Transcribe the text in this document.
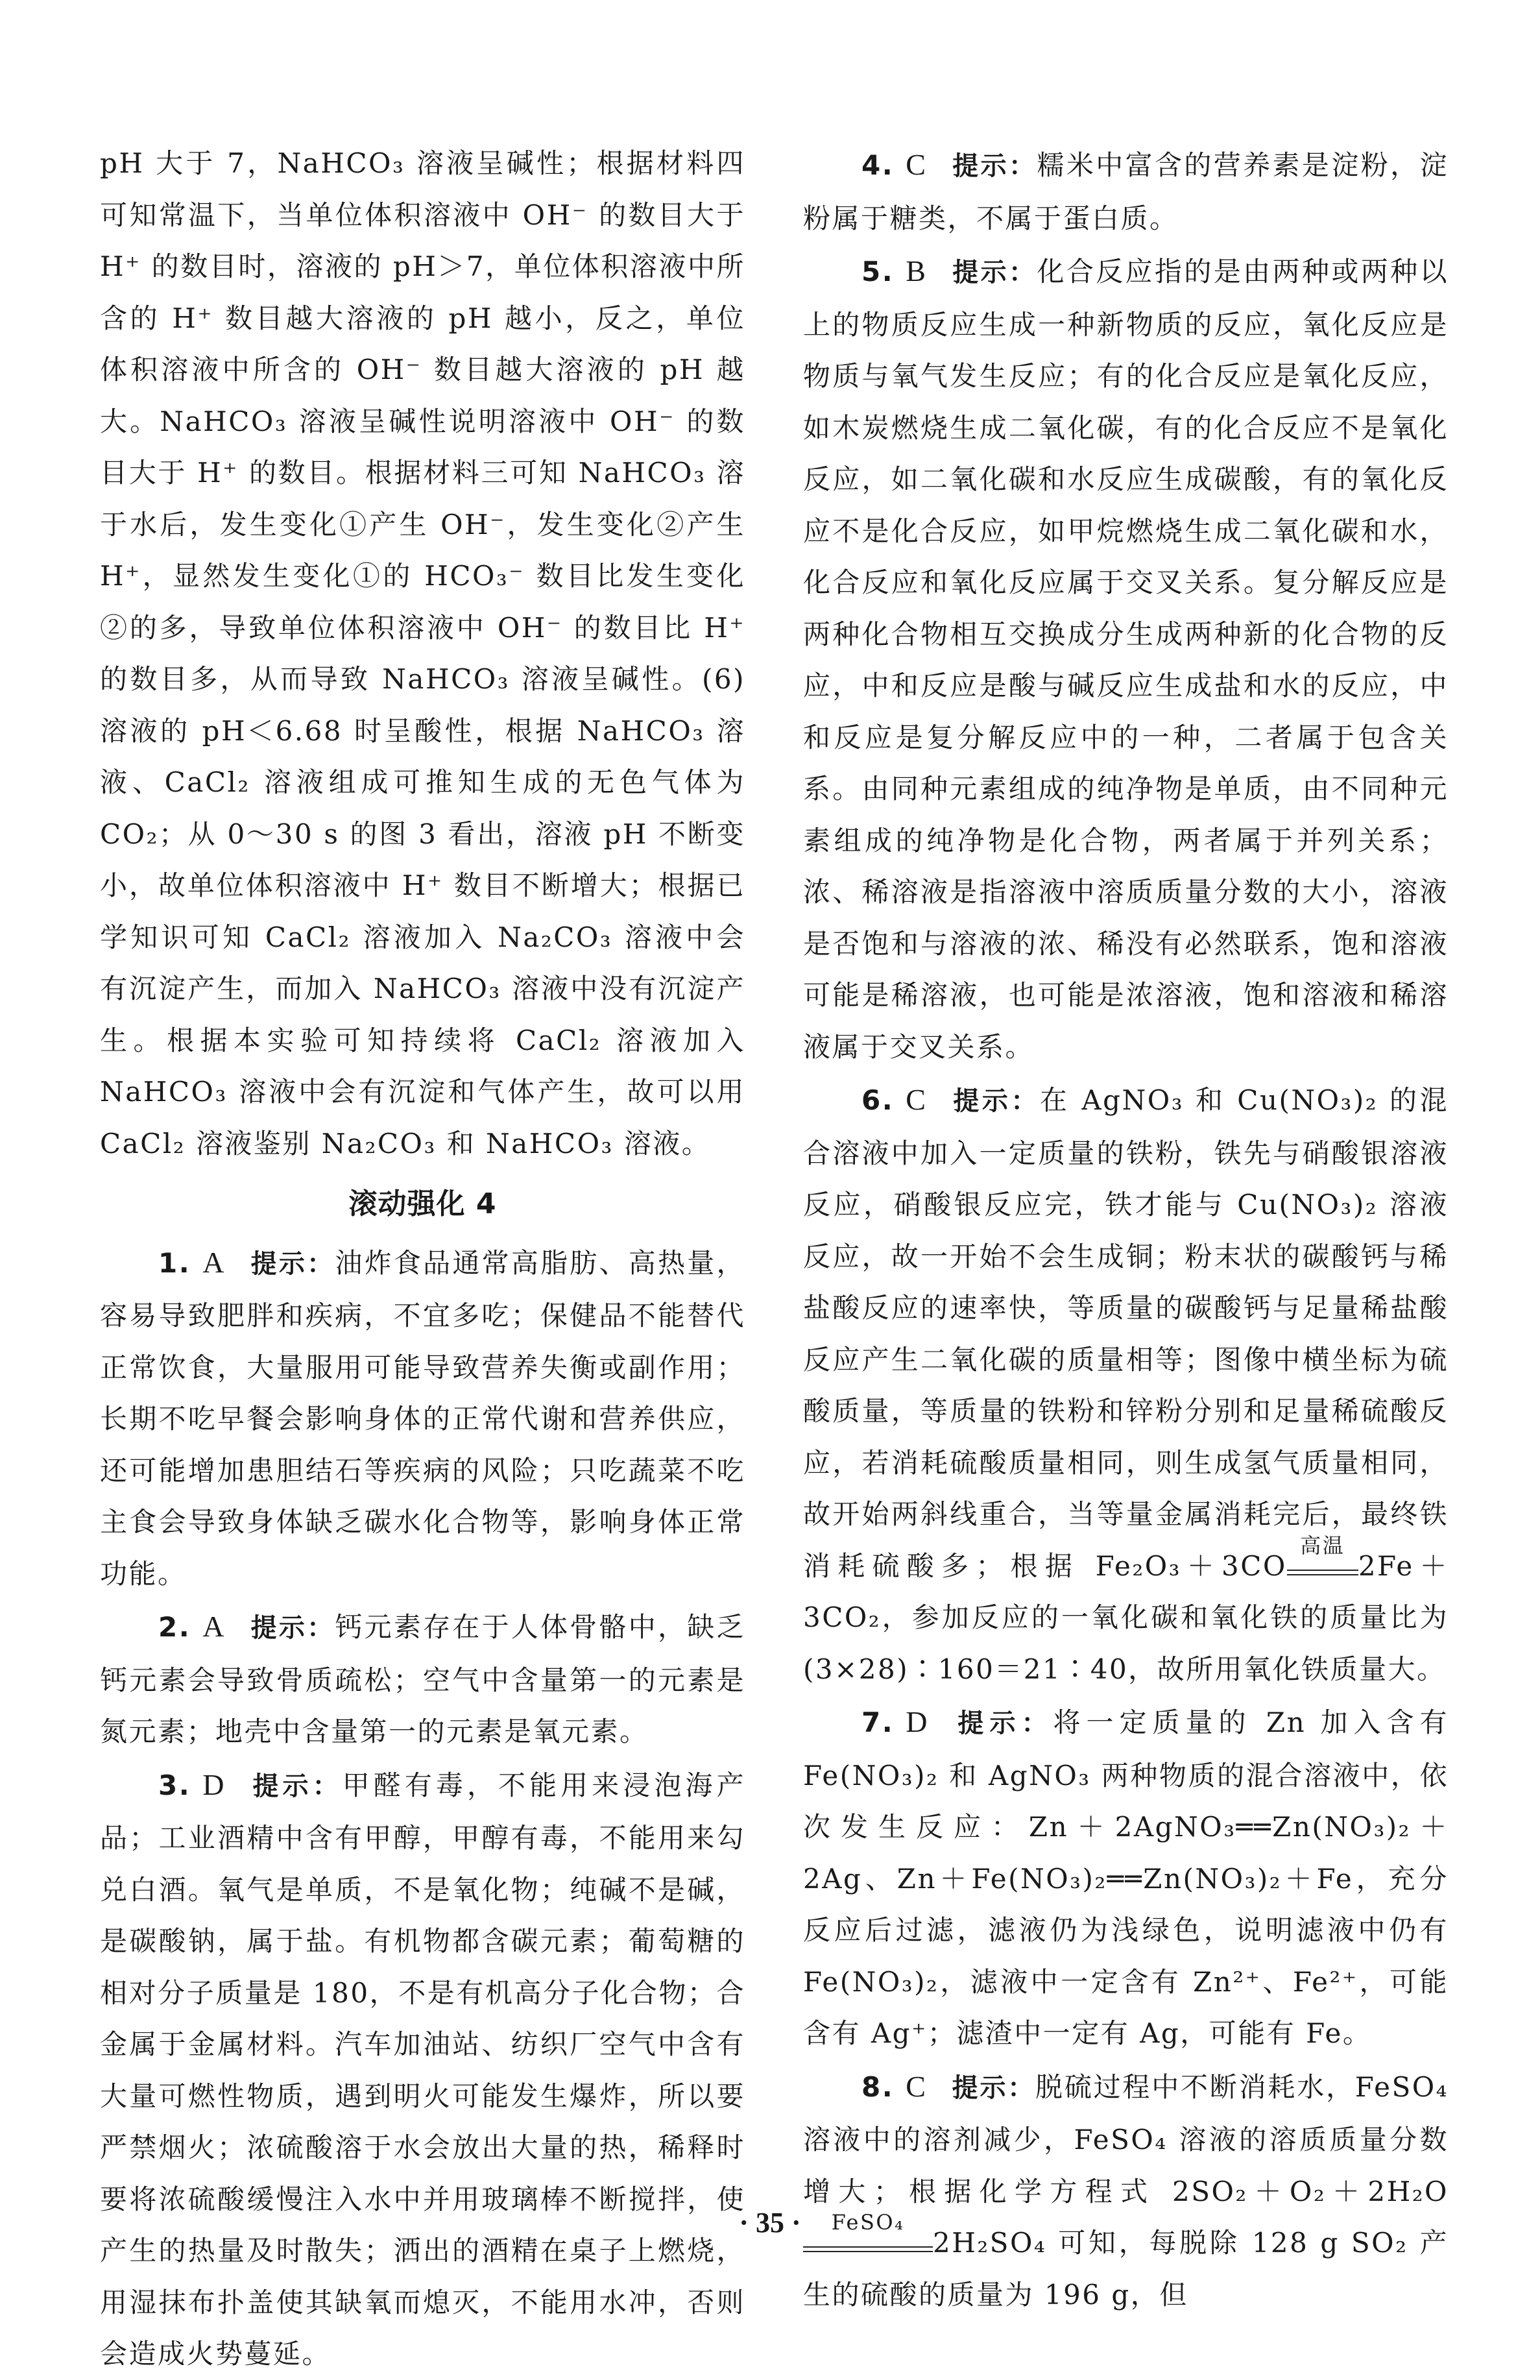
pH 大于 7，NaHCO₃ 溶液呈碱性；根据材料四可知常温下，当单位体积溶液中 OH⁻ 的数目大于 H⁺ 的数目时，溶液的 pH＞7，单位体积溶液中所含的 H⁺ 数目越大溶液的 pH 越小，反之，单位体积溶液中所含的 OH⁻ 数目越大溶液的 pH 越大。NaHCO₃ 溶液呈碱性说明溶液中 OH⁻ 的数目大于 H⁺ 的数目。根据材料三可知 NaHCO₃ 溶于水后，发生变化①产生 OH⁻，发生变化②产生 H⁺，显然发生变化①的 HCO₃⁻ 数目比发生变化②的多，导致单位体积溶液中 OH⁻ 的数目比 H⁺ 的数目多，从而导致 NaHCO₃ 溶液呈碱性。(6) 溶液的 pH＜6.68 时呈酸性，根据 NaHCO₃ 溶液、CaCl₂ 溶液组成可推知生成的无色气体为 CO₂；从 0～30 s 的图 3 看出，溶液 pH 不断变小，故单位体积溶液中 H⁺ 数目不断增大；根据已学知识可知 CaCl₂ 溶液加入 Na₂CO₃ 溶液中会有沉淀产生，而加入 NaHCO₃ 溶液中没有沉淀产生。根据本实验可知持续将 CaCl₂ 溶液加入 NaHCO₃ 溶液中会有沉淀和气体产生，故可以用 CaCl₂ 溶液鉴别 Na₂CO₃ 和 NaHCO₃ 溶液。

滚动强化 4

1. A 提示：油炸食品通常高脂肪、高热量，容易导致肥胖和疾病，不宜多吃；保健品不能替代正常饮食，大量服用可能导致营养失衡或副作用；长期不吃早餐会影响身体的正常代谢和营养供应，还可能增加患胆结石等疾病的风险；只吃蔬菜不吃主食会导致身体缺乏碳水化合物等，影响身体正常功能。

2. A 提示：钙元素存在于人体骨骼中，缺乏钙元素会导致骨质疏松；空气中含量第一的元素是氮元素；地壳中含量第一的元素是氧元素。

3. D 提示：甲醛有毒，不能用来浸泡海产品；工业酒精中含有甲醇，甲醇有毒，不能用来勾兑白酒。氧气是单质，不是氧化物；纯碱不是碱，是碳酸钠，属于盐。有机物都含碳元素；葡萄糖的相对分子质量是 180，不是有机高分子化合物；合金属于金属材料。汽车加油站、纺织厂空气中含有大量可燃性物质，遇到明火可能发生爆炸，所以要严禁烟火；浓硫酸溶于水会放出大量的热，稀释时要将浓硫酸缓慢注入水中并用玻璃棒不断搅拌，使产生的热量及时散失；洒出的酒精在桌子上燃烧，用湿抹布扑盖使其缺氧而熄灭，不能用水冲，否则会造成火势蔓延。

4. C 提示：糯米中富含的营养素是淀粉，淀粉属于糖类，不属于蛋白质。

5. B 提示：化合反应指的是由两种或两种以上的物质反应生成一种新物质的反应，氧化反应是物质与氧气发生反应；有的化合反应是氧化反应，如木炭燃烧生成二氧化碳，有的化合反应不是氧化反应，如二氧化碳和水反应生成碳酸，有的氧化反应不是化合反应，如甲烷燃烧生成二氧化碳和水，化合反应和氧化反应属于交叉关系。复分解反应是两种化合物相互交换成分生成两种新的化合物的反应，中和反应是酸与碱反应生成盐和水的反应，中和反应是复分解反应中的一种，二者属于包含关系。由同种元素组成的纯净物是单质，由不同种元素组成的纯净物是化合物，两者属于并列关系；浓、稀溶液是指溶液中溶质质量分数的大小，溶液是否饱和与溶液的浓、稀没有必然联系，饱和溶液可能是稀溶液，也可能是浓溶液，饱和溶液和稀溶液属于交叉关系。

6. C 提示：在 AgNO₃ 和 Cu(NO₃)₂ 的混合溶液中加入一定质量的铁粉，铁先与硝酸银溶液反应，硝酸银反应完，铁才能与 Cu(NO₃)₂ 溶液反应，故一开始不会生成铜；粉末状的碳酸钙与稀盐酸反应的速率快，等质量的碳酸钙与足量稀盐酸反应产生二氧化碳的质量相等；图像中横坐标为硫酸质量，等质量的铁粉和锌粉分别和足量稀硫酸反应，若消耗硫酸质量相同，则生成氢气质量相同，故开始两斜线重合，当等量金属消耗完后，最终铁消耗硫酸多；根据 Fe₂O₃＋3CO
高温
2Fe＋3CO₂，参加反应的一氧化碳和氧化铁的质量比为(3×28)∶160＝21∶40，故所用氧化铁质量大。

7. D 提示：将一定质量的 Zn 加入含有 Fe(NO₃)₂ 和 AgNO₃ 两种物质的混合溶液中，依次发生反应：Zn＋2AgNO₃══Zn(NO₃)₂＋2Ag、Zn＋Fe(NO₃)₂══Zn(NO₃)₂＋Fe，充分反应后过滤，滤液仍为浅绿色，说明滤液中仍有 Fe(NO₃)₂，滤液中一定含有 Zn²⁺、Fe²⁺，可能含有 Ag⁺；滤渣中一定有 Ag，可能有 Fe。

8. C 提示：脱硫过程中不断消耗水，FeSO₄ 溶液中的溶剂减少，FeSO₄ 溶液的溶质质量分数增大；根据化学方程式 2SO₂＋O₂＋2H₂O
FeSO₄
2H₂SO₄ 可知，每脱除 128 g SO₂ 产生的硫酸的质量为 196 g，但

· 35 ·
